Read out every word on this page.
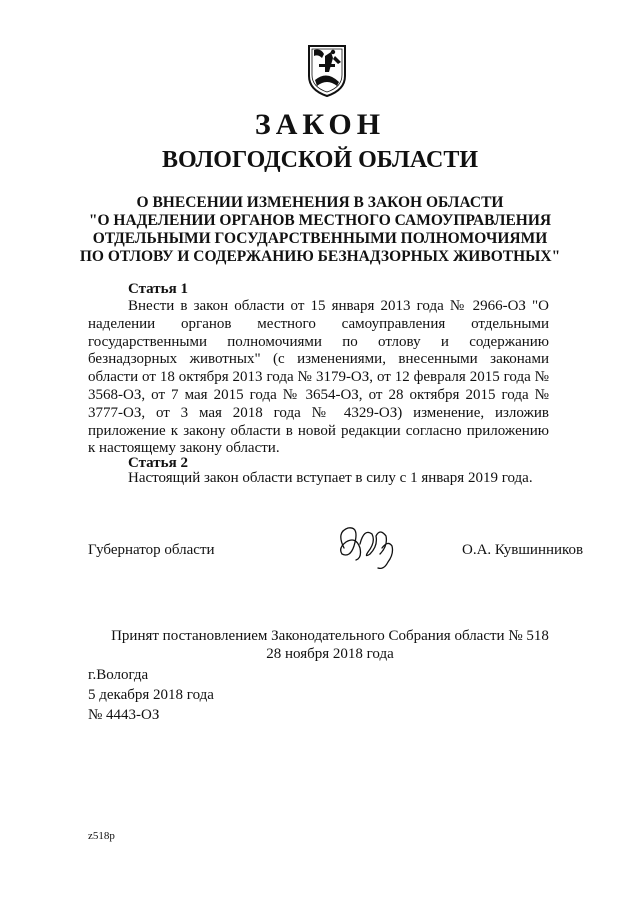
ЗАКОН
ВОЛОГОДСКОЙ ОБЛАСТИ
О ВНЕСЕНИИ ИЗМЕНЕНИЯ В ЗАКОН ОБЛАСТИ
"О НАДЕЛЕНИИ ОРГАНОВ МЕСТНОГО САМОУПРАВЛЕНИЯ
ОТДЕЛЬНЫМИ ГОСУДАРСТВЕННЫМИ ПОЛНОМОЧИЯМИ
ПО ОТЛОВУ И СОДЕРЖАНИЮ БЕЗНАДЗОРНЫХ ЖИВОТНЫХ"
Статья 1

Внести в закон области от 15 января 2013 года № 2966-ОЗ "О наделении органов местного самоуправления отдельными государственными полномочиями по отлову и содержанию безнадзорных животных" (с изменениями, внесенными законами области от 18 октября 2013 года № 3179-ОЗ, от 12 февраля 2015 года № 3568-ОЗ, от 7 мая 2015 года № 3654-ОЗ, от 28 октября 2015 года № 3777-ОЗ, от 3 мая 2018 года № 4329-ОЗ) изменение, изложив приложение к закону области в новой редакции согласно приложению к настоящему закону области.

Статья 2

Настоящий закон области вступает в силу с 1 января 2019 года.

Губернатор области	О.А. Кувшинников
Принят постановлением Законодательного Собрания области № 518
28 ноября 2018 года
г.Вологда
5 декабря 2018 года
№ 4443-ОЗ
z518p
